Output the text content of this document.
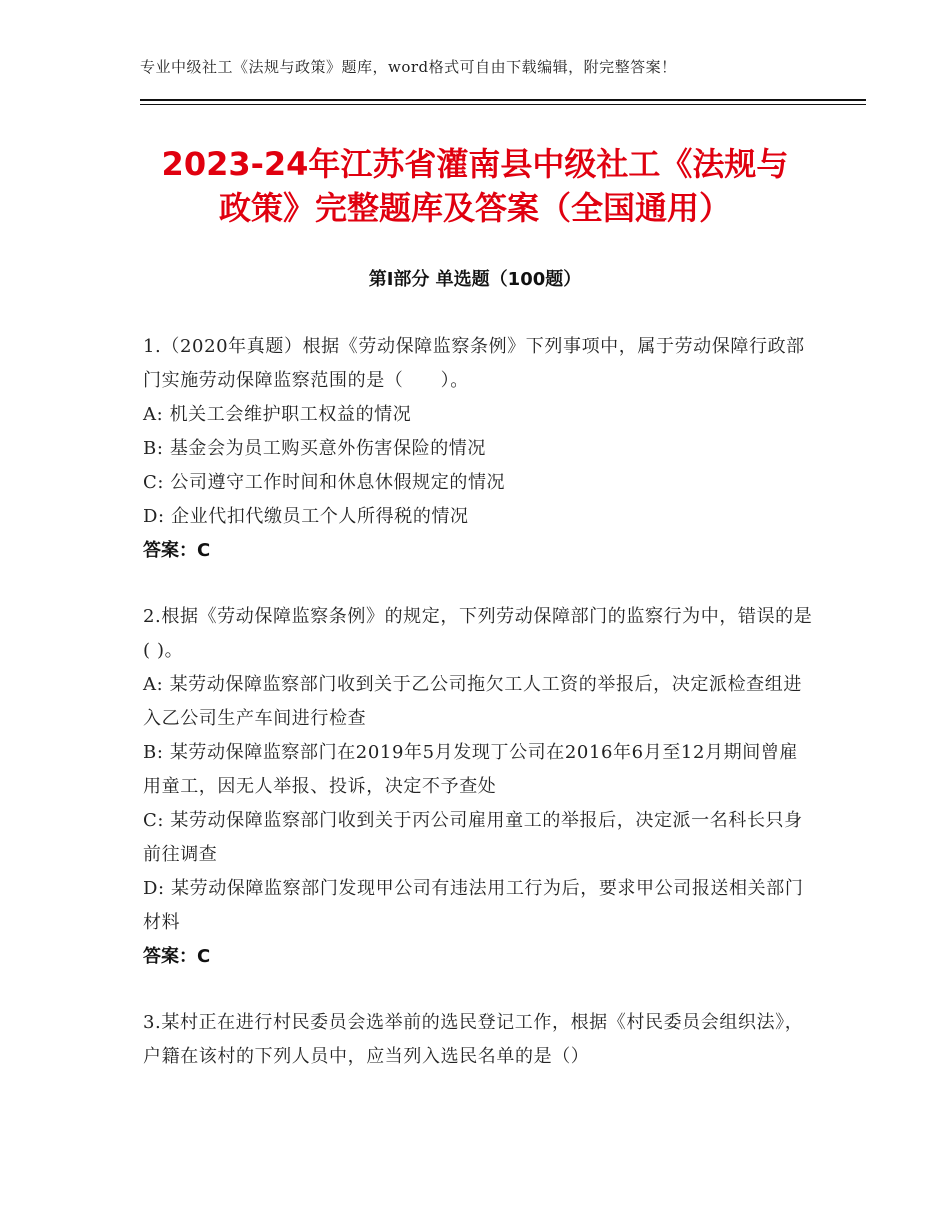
专业中级社工《法规与政策》题库，word格式可自由下载编辑，附完整答案！
2023-24年江苏省灌南县中级社工《法规与
政策》完整题库及答案（全国通用）
第Ⅰ部分 单选题（100题）

1.（2020年真题）根据《劳动保障监察条例》下列事项中，属于劳动保障行政部门实施劳动保障监察范围的是（　　）。

A: 机关工会维护职工权益的情况

B: 基金会为员工购买意外伤害保险的情况

C: 公司遵守工作时间和休息休假规定的情况

D: 企业代扣代缴员工个人所得税的情况

答案：C

2.根据《劳动保障监察条例》的规定，下列劳动保障部门的监察行为中，错误的是( )。

A: 某劳动保障监察部门收到关于乙公司拖欠工人工资的举报后，决定派检查组进入乙公司生产车间进行检查

B: 某劳动保障监察部门在2019年5月发现丁公司在2016年6月至12月期间曾雇用童工，因无人举报、投诉，决定不予查处

C: 某劳动保障监察部门收到关于丙公司雇用童工的举报后，决定派一名科长只身前往调查

D: 某劳动保障监察部门发现甲公司有违法用工行为后，要求甲公司报送相关部门材料

答案：C

3.某村正在进行村民委员会选举前的选民登记工作，根据《村民委员会组织法》，户籍在该村的下列人员中，应当列入选民名单的是（）
